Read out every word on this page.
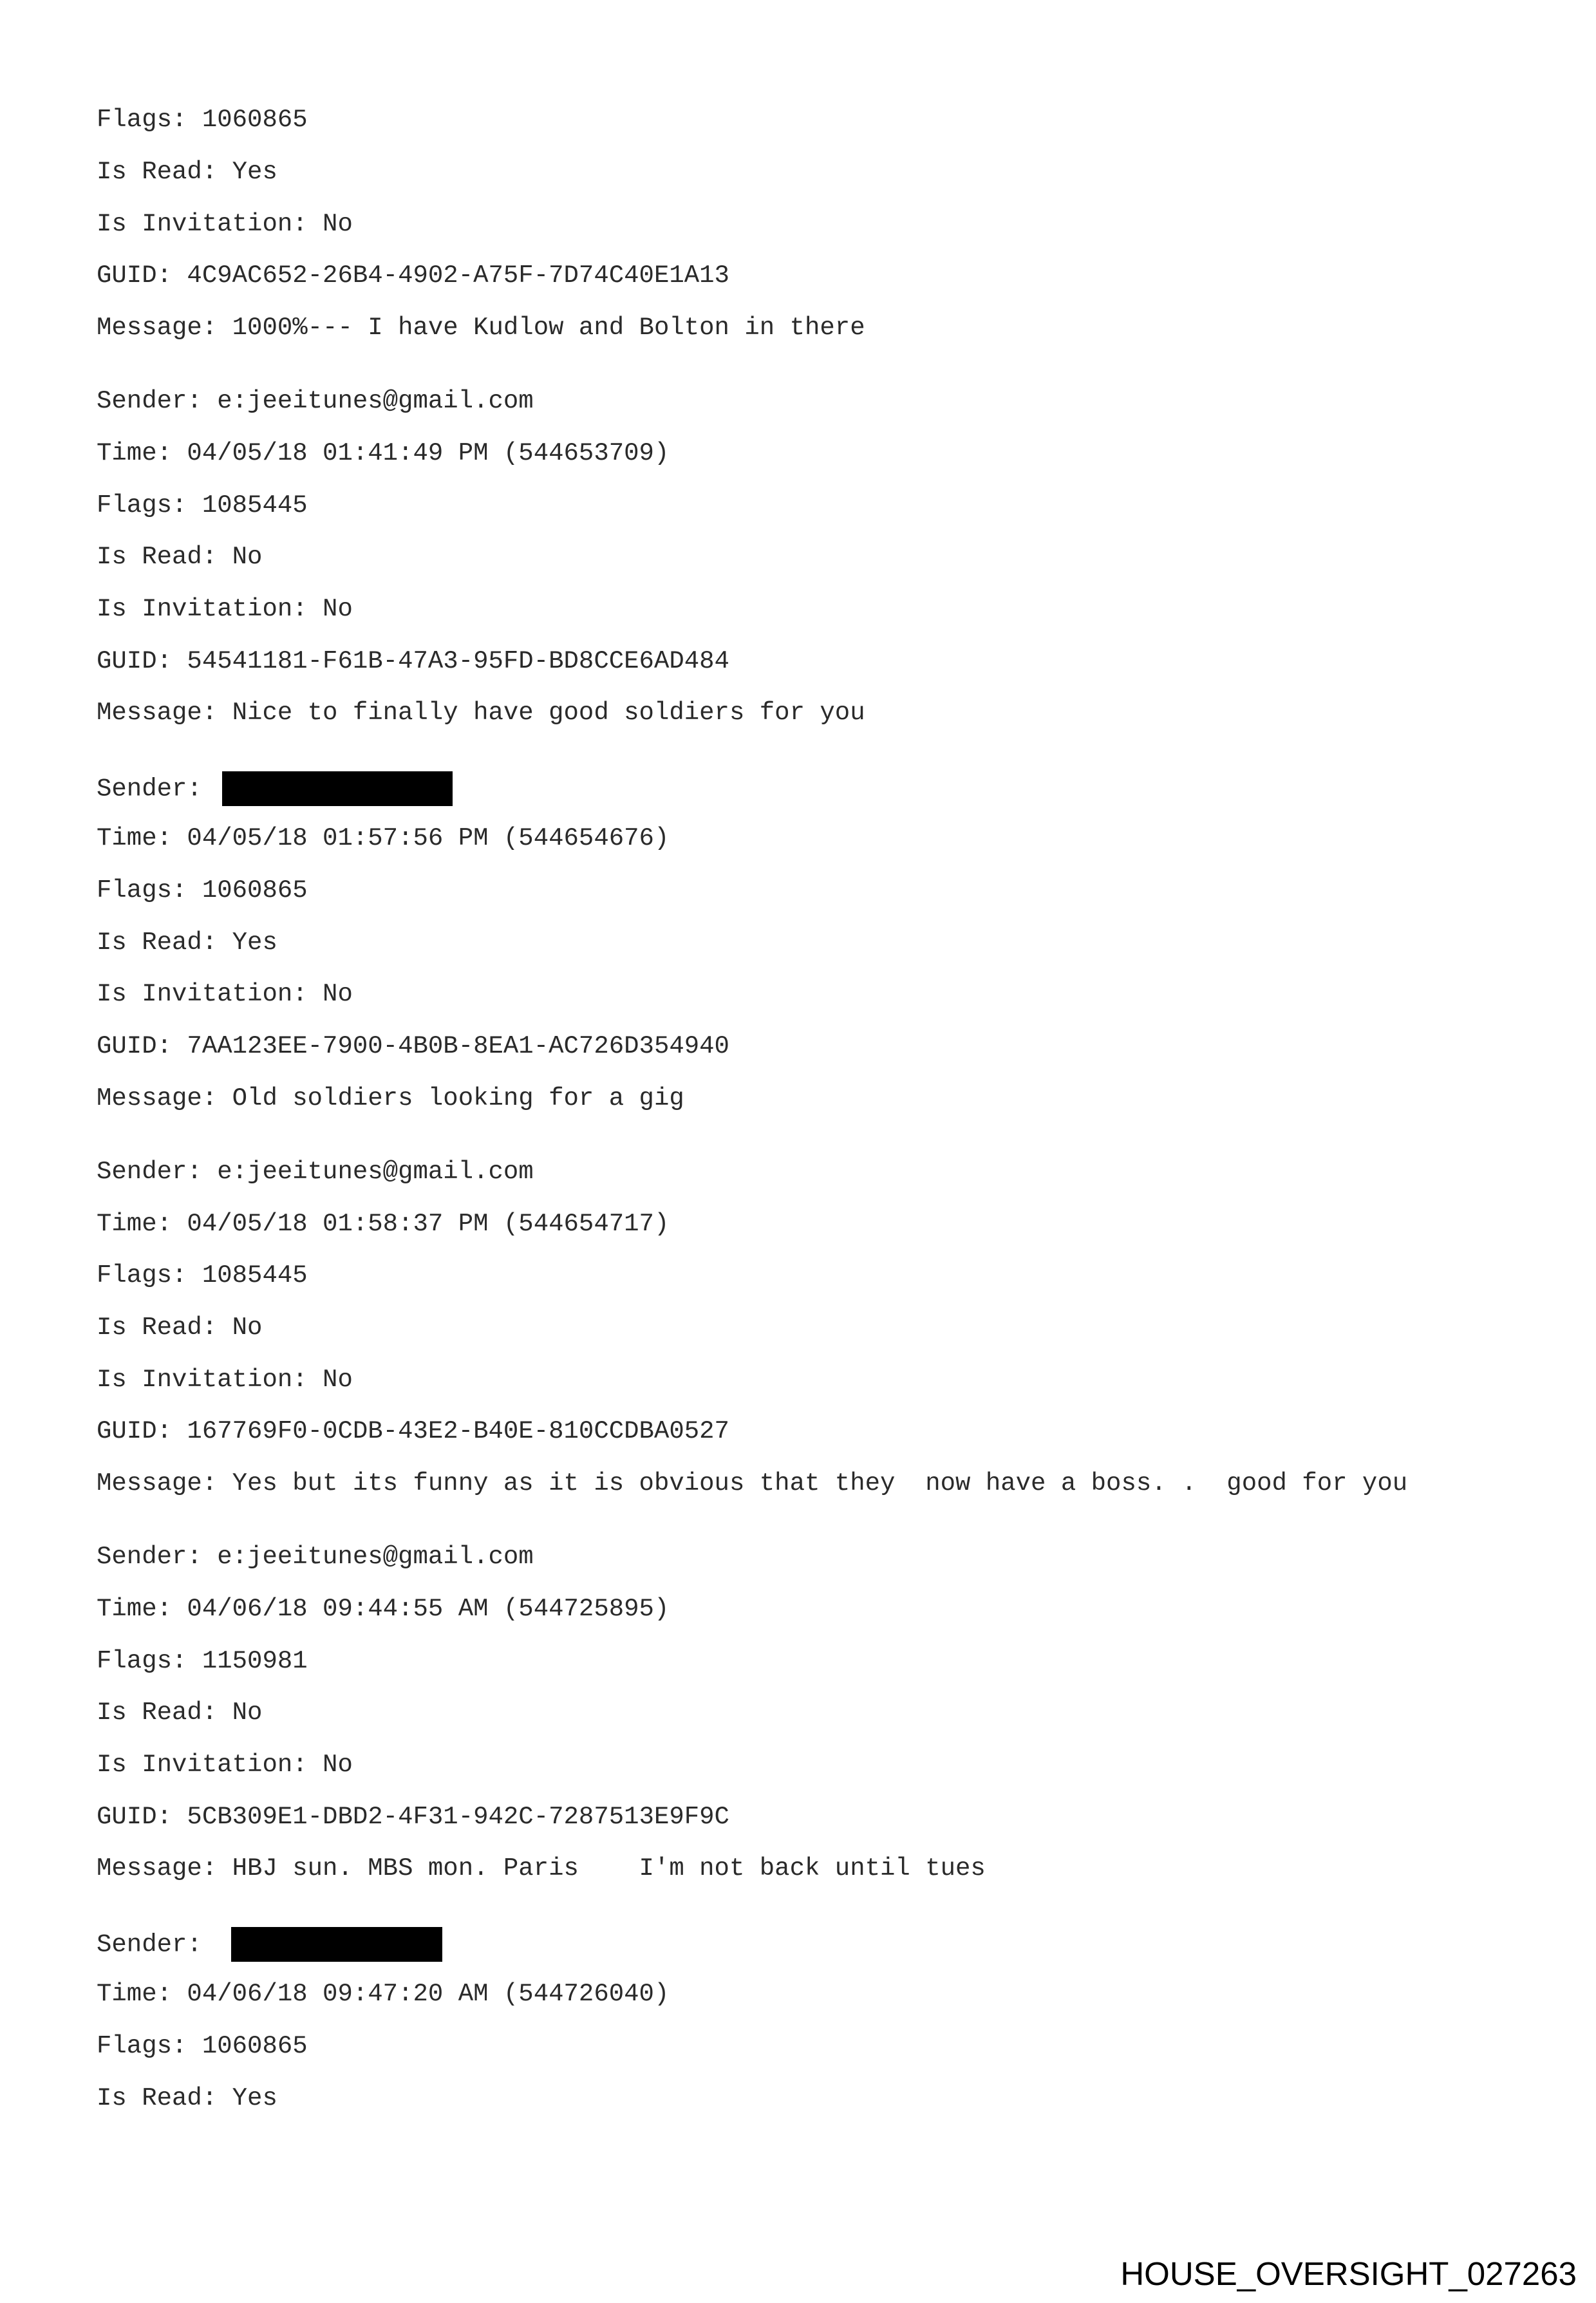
Flags: 1060865
Is Read: Yes
Is Invitation: No
GUID: 4C9AC652-26B4-4902-A75F-7D74C40E1A13
Message: 1000%--- I have Kudlow and Bolton in there
Sender: e:jeeitunes@gmail.com
Time: 04/05/18 01:41:49 PM (544653709)
Flags: 1085445
Is Read: No
Is Invitation: No
GUID: 54541181-F61B-47A3-95FD-BD8CCE6AD484
Message: Nice to finally have good soldiers for you
Sender:
Time: 04/05/18 01:57:56 PM (544654676)
Flags: 1060865
Is Read: Yes
Is Invitation: No
GUID: 7AA123EE-7900-4B0B-8EA1-AC726D354940
Message: Old soldiers looking for a gig
Sender: e:jeeitunes@gmail.com
Time: 04/05/18 01:58:37 PM (544654717)
Flags: 1085445
Is Read: No
Is Invitation: No
GUID: 167769F0-0CDB-43E2-B40E-810CCDBA0527
Message: Yes but its funny as it is obvious that they  now have a boss. .  good for you
Sender: e:jeeitunes@gmail.com
Time: 04/06/18 09:44:55 AM (544725895)
Flags: 1150981
Is Read: No
Is Invitation: No
GUID: 5CB309E1-DBD2-4F31-942C-7287513E9F9C
Message: HBJ sun. MBS mon. Paris    I'm not back until tues
Sender:
Time: 04/06/18 09:47:20 AM (544726040)
Flags: 1060865
Is Read: Yes
HOUSE_OVERSIGHT_027263
